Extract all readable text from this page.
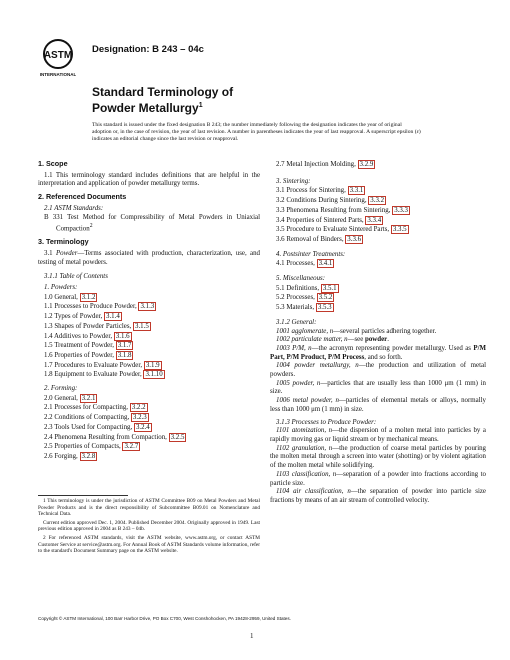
ASTM
INTERNATIONAL
Designation: B 243 – 04c
Standard Terminology of
Powder Metallurgy$^1$
This standard is issued under the fixed designation B 243; the number immediately following the designation indicates the year of original adoption or, in the case of revision, the year of last revision. A number in parentheses indicates the year of last reapproval. A superscript epsilon (ε) indicates an editorial change since the last revision or reapproval.
1. Scope

1.1 This terminology standard includes definitions that are helpful in the interpretation and application of powder metallurgy terms.

2. Referenced Documents

2.1 ASTM Standards:

B 331 Test Method for Compressibility of Metal Powders in Uniaxial Compaction$^2$

3. Terminology

3.1 Powder—Terms associated with production, characterization, use, and testing of metal powders.

3.1.1 Table of Contents
1. Powders:
1.0 General, 3.1.2
1.1 Processes to Produce Powder, 3.1.3
1.2 Types of Powder, 3.1.4
1.3 Shapes of Powder Particles, 3.1.5
1.4 Additives to Powder, 3.1.6
1.5 Treatment of Powder, 3.1.7
1.6 Properties of Powder, 3.1.8
1.7 Procedures to Evaluate Powder, 3.1.9
1.8 Equipment to Evaluate Powder, 3.1.10
2. Forming:
2.0 General, 3.2.1
2.1 Processes for Compacting, 3.2.2
2.2 Conditions of Compacting, 3.2.3
2.3 Tools Used for Compacting, 3.2.4
2.4 Phenomena Resulting from Compaction, 3.2.5
2.5 Properties of Compacts, 3.2.7
2.6 Forging, 3.2.8

1 This terminology is under the jurisdiction of ASTM Committee B09 on Metal Powders and Metal Powder Products and is the direct responsibility of Subcommittee B09.01 on Nomenclature and Technical Data.

Current edition approved Dec. 1, 2004. Published December 2004. Originally approved in 1949. Last previous edition approved in 2004 as B 243 – 04b.

2 For referenced ASTM standards, visit the ASTM website, www.astm.org, or contact ASTM Customer Service at service@astm.org. For Annual Book of ASTM Standards volume information, refer to the standard's Document Summary page on the ASTM website.

2.7 Metal Injection Molding, 3.2.9
3. Sintering:
3.1 Process for Sintering, 3.3.1
3.2 Conditions During Sintering, 3.3.2
3.3 Phenomena Resulting from Sintering, 3.3.3
3.4 Properties of Sintered Parts, 3.3.4
3.5 Procedure to Evaluate Sintered Parts, 3.3.5
3.6 Removal of Binders, 3.3.6
4. Postsinter Treatments:
4.1 Processes, 3.4.1
5. Miscellaneous:
5.1 Definitions, 3.5.1
5.2 Processes, 3.5.2
5.3 Materials, 3.5.3

3.1.2 General:

1001 agglomerate, n—several particles adhering together.

1002 particulate matter, n—see powder.

1003 P/M, n—the acronym representing powder metallurgy. Used as P/M Part, P/M Product, P/M Process, and so forth.

1004 powder metallurgy, n—the production and utilization of metal powders.

1005 powder, n—particles that are usually less than 1000 μm (1 mm) in size.

1006 metal powder, n—particles of elemental metals or alloys, normally less than 1000 μm (1 mm) in size.

3.1.3 Processes to Produce Powder:

1101 atomization, n—the dispersion of a molten metal into particles by a rapidly moving gas or liquid stream or by mechanical means.

1102 granulation, n—the production of coarse metal particles by pouring the molten metal through a screen into water (shotting) or by violent agitation of the molten metal while solidifying.

1103 classification, n—separation of a powder into fractions according to particle size.

1104 air classification, n—the separation of powder into particle size fractions by means of an air stream of controlled velocity.

Copyright © ASTM International, 100 Barr Harbor Drive, PO Box C700, West Conshohocken, PA 19428-2959, United States.
1
